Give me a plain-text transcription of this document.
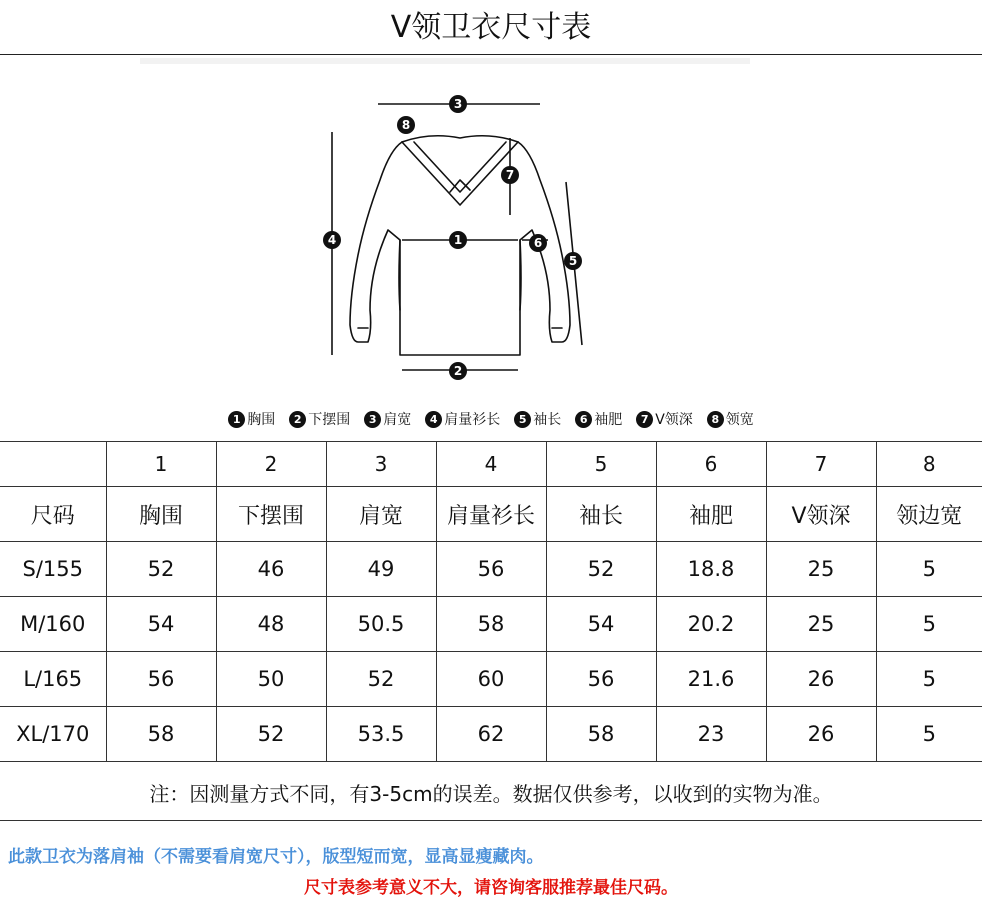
V领卫衣尺寸表
3
8
7
4	1	6
5
2
1 胸围	2 下摆围	3 肩宽	4 肩量衫长	5 袖长	6 袖肥	7 V领深	8 领宽
	1	2	3	4	5	6	7	8
尺码	胸围	下摆围	肩宽	肩量衫长	袖长	袖肥	V领深	领边宽
S/155	52	46	49	56	52	18.8	25	5
M/160	54	48	50.5	58	54	20.2	25	5
L/165	56	50	52	60	56	21.6	26	5
XL/170	58	52	53.5	62	58	23	26	5
注：因测量方式不同，有3-5cm的误差。数据仅供参考，以收到的实物为准。
此款卫衣为落肩袖（不需要看肩宽尺寸），版型短而宽，显高显瘦藏肉。
尺寸表参考意义不大，请咨询客服推荐最佳尺码。
